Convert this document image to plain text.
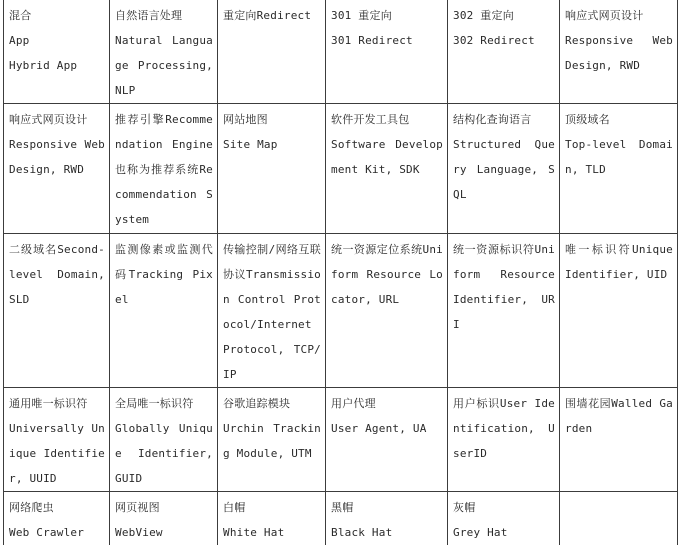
混合
App
Hybrid App	自然语言处理
Natural Language Processing, NLP	重定向Redirect	301 重定向
301 Redirect	302 重定向
302 Redirect	响应式网页设计
Responsive Web Design, RWD

响应式网页设计
Responsive Web Design, RWD	推荐引擎Recommendation Engine也称为推荐系统Recommendation System	网站地图
Site Map	软件开发工具包
Software Development Kit, SDK	结构化查询语言
Structured Query Language, SQL	顶级域名
Top-level Domain, TLD

二级域名Second-level Domain, SLD	监测像素或监测代码Tracking Pixel	传输控制/网络互联协议Transmission Control Protocol/Internet Protocol, TCP/IP	统一资源定位系统Uniform Resource Locator, URL	统一资源标识符Uniform Resource Identifier, URI	唯一标识符Unique Identifier, UID

通用唯一标识符
Universally Unique Identifier, UUID	全局唯一标识符
Globally Unique Identifier, GUID	谷歌追踪模块
Urchin Tracking Module, UTM	用户代理
User Agent, UA	用户标识User Identification, UserID	围墙花园Walled Garden

网络爬虫
Web Crawler	网页视图
WebView	白帽
White Hat	黑帽
Black Hat	灰帽
Grey Hat	
